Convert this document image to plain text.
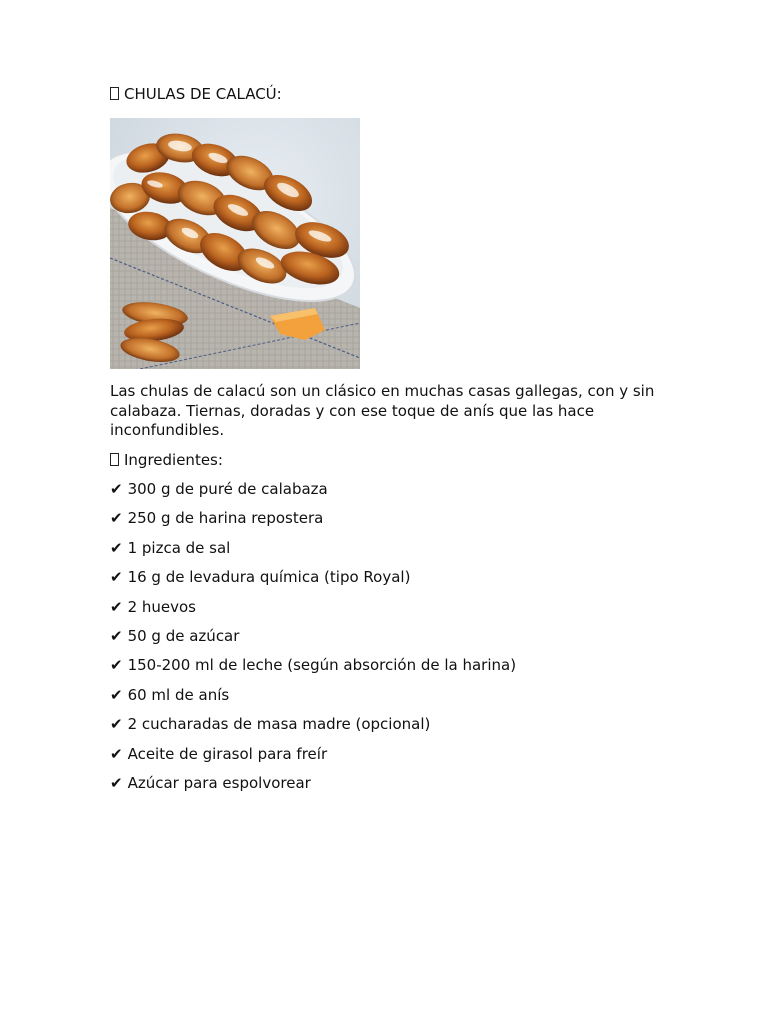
CHULAS DE CALACÚ:
Las chulas de calacú son un clásico en muchas casas gallegas, con y sin calabaza. Tiernas, doradas y con ese toque de anís que las hace inconfundibles.
Ingredientes:
✔ 300 g de puré de calabaza
✔ 250 g de harina repostera
✔ 1 pizca de sal
✔ 16 g de levadura química (tipo Royal)
✔ 2 huevos
✔ 50 g de azúcar
✔ 150-200 ml de leche (según absorción de la harina)
✔ 60 ml de anís
✔ 2 cucharadas de masa madre (opcional)
✔ Aceite de girasol para freír
✔ Azúcar para espolvorear
